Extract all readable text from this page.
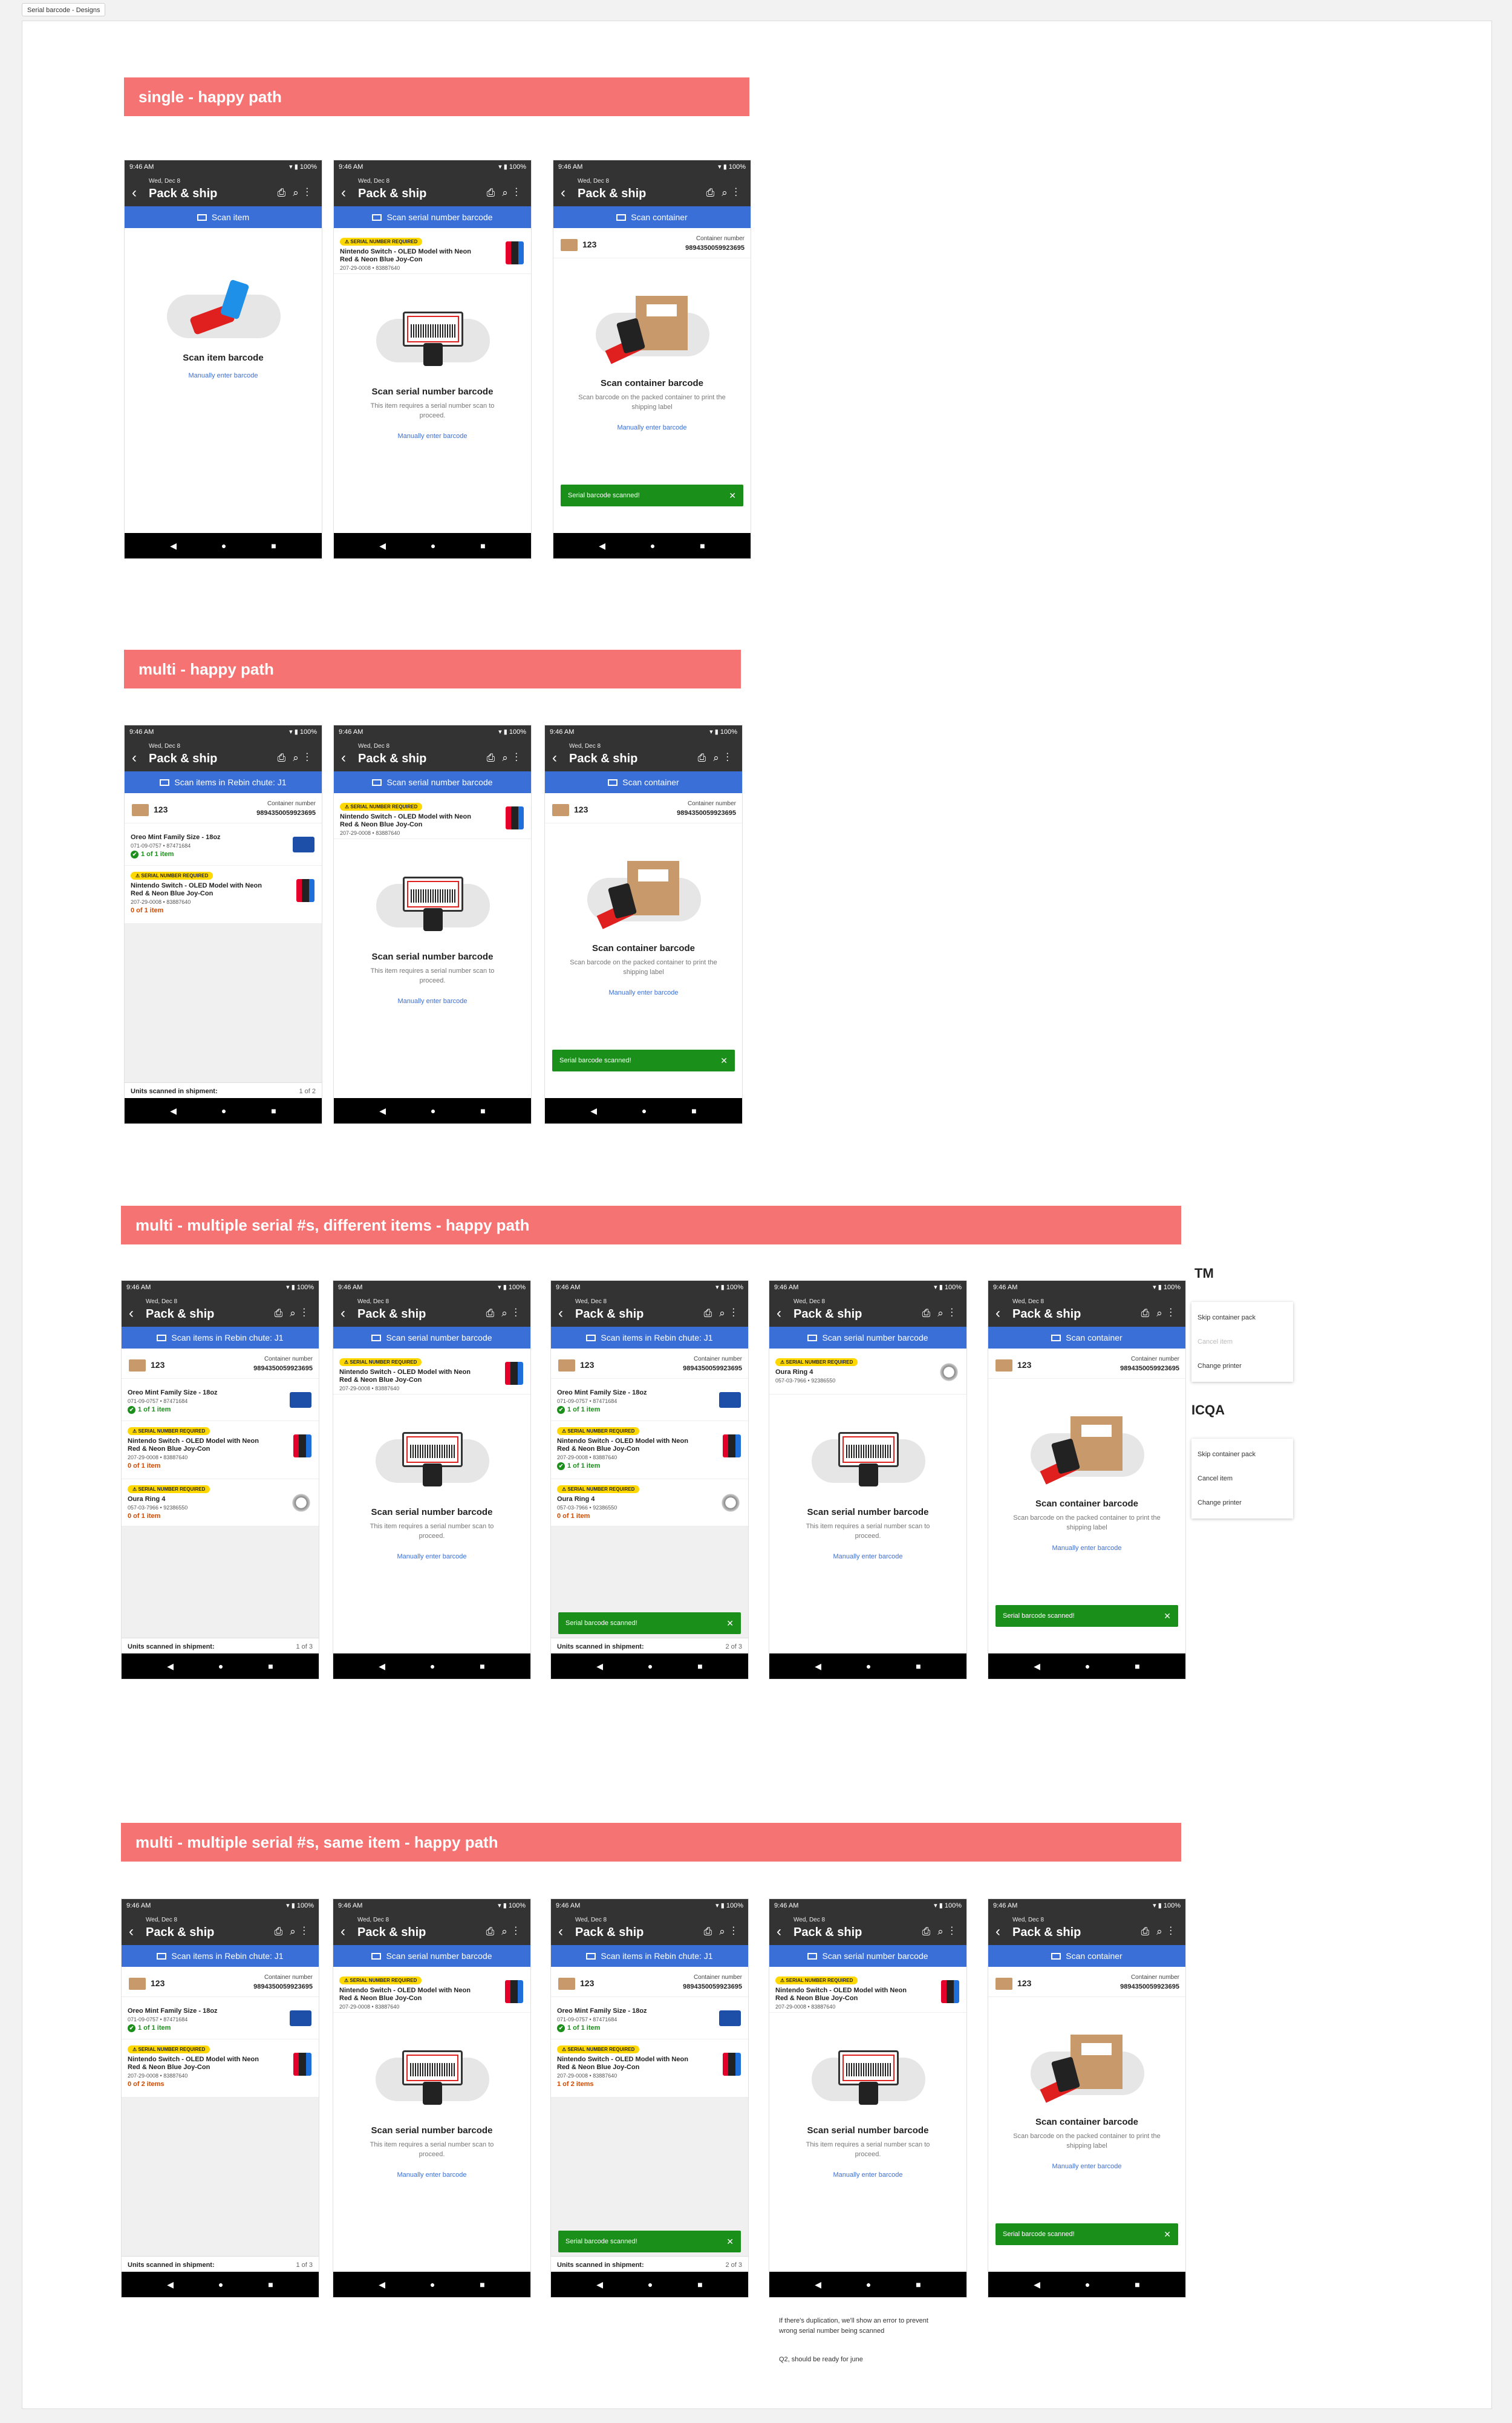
Serial barcode - Designs
single - happy path
multi - happy path
multi - multiple serial #s, different items - happy path
multi - multiple serial #s, same item - happy path
TM
Skip container pack
Cancel item
Change printer
ICQA
Skip container pack
Cancel item
Change printer
If there's duplication, we'll show an error to prevent wrong serial number being scanned
Q2, should be ready for june
9:46 AM	▾ ▮ 100%
Wed, Dec 8
‹ Pack & ship	⎙⌕⋮
Scan item
Scan item barcode
Manually enter barcode
◀ ● ■
9:46 AM	▾ ▮ 100%
Wed, Dec 8
‹ Pack & ship	⎙⌕⋮
Scan serial number barcode
⚠ SERIAL NUMBER REQUIRED
Nintendo Switch - OLED Model with Neon Red & Neon Blue Joy-Con
207-29-0008 • 83887640
Scan serial number barcode
This item requires a serial number scan to proceed.
Manually enter barcode
◀ ● ■
9:46 AM	▾ ▮ 100%
Wed, Dec 8
‹ Pack & ship	⎙⌕⋮
Scan container
123
Container number
9894350059923695
Scan container barcode
Scan barcode on the packed container to print the shipping label
Manually enter barcode
Serial barcode scanned!	✕
◀ ● ■
9:46 AM	▾ ▮ 100%
Wed, Dec 8
‹ Pack & ship	⎙⌕⋮
Scan items in Rebin chute: J1
123
Container number
9894350059923695
Oreo Mint Family Size - 18oz
071-09-0757 • 87471684
✔ 1 of 1 item
⚠ SERIAL NUMBER REQUIRED
Nintendo Switch - OLED Model with Neon Red & Neon Blue Joy-Con
207-29-0008 • 83887640
0 of 1 item
Units scanned in shipment:	1 of 2
◀ ● ■
9:46 AM	▾ ▮ 100%
Wed, Dec 8
‹ Pack & ship	⎙⌕⋮
Scan serial number barcode
⚠ SERIAL NUMBER REQUIRED
Nintendo Switch - OLED Model with Neon Red & Neon Blue Joy-Con
207-29-0008 • 83887640
Scan serial number barcode
This item requires a serial number scan to proceed.
Manually enter barcode
◀ ● ■
9:46 AM	▾ ▮ 100%
Wed, Dec 8
‹ Pack & ship	⎙⌕⋮
Scan container
123
Container number
9894350059923695
Scan container barcode
Scan barcode on the packed container to print the shipping label
Manually enter barcode
Serial barcode scanned!	✕
◀ ● ■
9:46 AM	▾ ▮ 100%
Wed, Dec 8
‹ Pack & ship	⎙⌕⋮
Scan items in Rebin chute: J1
123
Container number
9894350059923695
Oreo Mint Family Size - 18oz
071-09-0757 • 87471684
✔ 1 of 1 item
⚠ SERIAL NUMBER REQUIRED
Nintendo Switch - OLED Model with Neon Red & Neon Blue Joy-Con
207-29-0008 • 83887640
0 of 1 item
⚠ SERIAL NUMBER REQUIRED
Oura Ring 4
057-03-7966 • 92386550
0 of 1 item
Units scanned in shipment:	1 of 3
◀ ● ■
9:46 AM	▾ ▮ 100%
Wed, Dec 8
‹ Pack & ship	⎙⌕⋮
Scan serial number barcode
⚠ SERIAL NUMBER REQUIRED
Nintendo Switch - OLED Model with Neon Red & Neon Blue Joy-Con
207-29-0008 • 83887640
Scan serial number barcode
This item requires a serial number scan to proceed.
Manually enter barcode
◀ ● ■
9:46 AM	▾ ▮ 100%
Wed, Dec 8
‹ Pack & ship	⎙⌕⋮
Scan items in Rebin chute: J1
123
Container number
9894350059923695
Oreo Mint Family Size - 18oz
071-09-0757 • 87471684
✔ 1 of 1 item
⚠ SERIAL NUMBER REQUIRED
Nintendo Switch - OLED Model with Neon Red & Neon Blue Joy-Con
207-29-0008 • 83887640
✔ 1 of 1 item
⚠ SERIAL NUMBER REQUIRED
Oura Ring 4
057-03-7966 • 92386550
0 of 1 item
Serial barcode scanned!	✕
Units scanned in shipment:	2 of 3
◀ ● ■
9:46 AM	▾ ▮ 100%
Wed, Dec 8
‹ Pack & ship	⎙⌕⋮
Scan serial number barcode
⚠ SERIAL NUMBER REQUIRED
Oura Ring 4
057-03-7966 • 92386550
Scan serial number barcode
This item requires a serial number scan to proceed.
Manually enter barcode
◀ ● ■
9:46 AM	▾ ▮ 100%
Wed, Dec 8
‹ Pack & ship	⎙⌕⋮
Scan container
123
Container number
9894350059923695
Scan container barcode
Scan barcode on the packed container to print the shipping label
Manually enter barcode
Serial barcode scanned!	✕
◀ ● ■
9:46 AM	▾ ▮ 100%
Wed, Dec 8
‹ Pack & ship	⎙⌕⋮
Scan items in Rebin chute: J1
123
Container number
9894350059923695
Oreo Mint Family Size - 18oz
071-09-0757 • 87471684
✔ 1 of 1 item
⚠ SERIAL NUMBER REQUIRED
Nintendo Switch - OLED Model with Neon Red & Neon Blue Joy-Con
207-29-0008 • 83887640
0 of 2 items
Units scanned in shipment:	1 of 3
◀ ● ■
9:46 AM	▾ ▮ 100%
Wed, Dec 8
‹ Pack & ship	⎙⌕⋮
Scan serial number barcode
⚠ SERIAL NUMBER REQUIRED
Nintendo Switch - OLED Model with Neon Red & Neon Blue Joy-Con
207-29-0008 • 83887640
Scan serial number barcode
This item requires a serial number scan to proceed.
Manually enter barcode
◀ ● ■
9:46 AM	▾ ▮ 100%
Wed, Dec 8
‹ Pack & ship	⎙⌕⋮
Scan items in Rebin chute: J1
123
Container number
9894350059923695
Oreo Mint Family Size - 18oz
071-09-0757 • 87471684
✔ 1 of 1 item
⚠ SERIAL NUMBER REQUIRED
Nintendo Switch - OLED Model with Neon Red & Neon Blue Joy-Con
207-29-0008 • 83887640
1 of 2 items
Serial barcode scanned!	✕
Units scanned in shipment:	2 of 3
◀ ● ■
9:46 AM	▾ ▮ 100%
Wed, Dec 8
‹ Pack & ship	⎙⌕⋮
Scan serial number barcode
⚠ SERIAL NUMBER REQUIRED
Nintendo Switch - OLED Model with Neon Red & Neon Blue Joy-Con
207-29-0008 • 83887640
Scan serial number barcode
This item requires a serial number scan to proceed.
Manually enter barcode
◀ ● ■
9:46 AM	▾ ▮ 100%
Wed, Dec 8
‹ Pack & ship	⎙⌕⋮
Scan container
123
Container number
9894350059923695
Scan container barcode
Scan barcode on the packed container to print the shipping label
Manually enter barcode
Serial barcode scanned!	✕
◀ ● ■
